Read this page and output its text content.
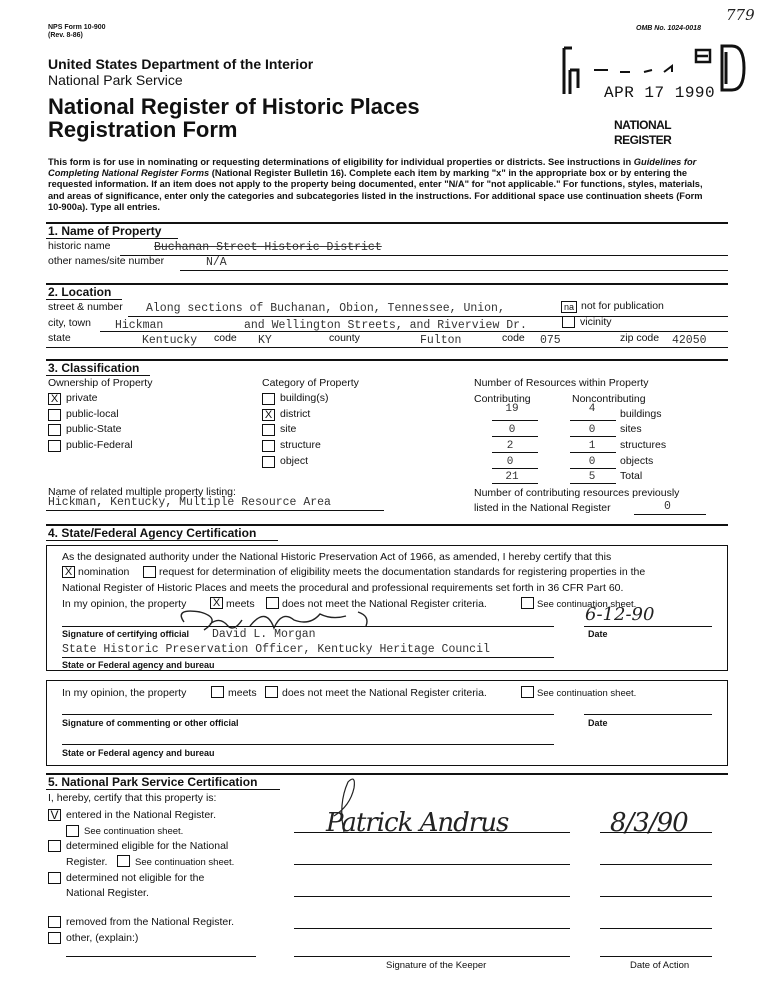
NPS Form 10-900
(Rev. 8-86)
OMB No. 1024-0018
779
United States Department of the Interior
National Park Service
National Register of Historic Places
Registration Form
APR 17 1990
NATIONAL
REGISTER
This form is for use in nominating or requesting determinations of eligibility for individual properties or districts. See instructions in Guidelines for Completing National Register Forms (National Register Bulletin 16). Complete each item by marking "x" in the appropriate box or by entering the requested information. If an item does not apply to the property being documented, enter "N/A" for "not applicable." For functions, styles, materials, and areas of significance, enter only the categories and subcategories listed in the instructions. For additional space use continuation sheets (Form 10-900a). Type all entries.
1. Name of Property
historic name	Buchanan Street Historic District
other names/site number	N/A
2. Location
street & number Along sections of Buchanan, Obion, Tennessee, Union,	na not for publication
city, town Hickman	and Wellington Streets, and Riverview Dr.	vicinity
state	Kentucky code KY	county	Fulton	code 075	zip code 42050
3. Classification
Ownership of Property
X private
public-local
public-State
public-Federal
Category of Property
building(s)
X district
site
structure
object
Number of Resources within Property
Contributing	Noncontributing
19	4	buildings
0	0	sites
2	1	structures
0	0	objects
21	5	Total
Name of related multiple property listing:
Hickman, Kentucky, Multiple Resource Area
Number of contributing resources previously
listed in the National Register	0
4. State/Federal Agency Certification
As the designated authority under the National Historic Preservation Act of 1966, as amended, I hereby certify that this
X nomination	request for determination of eligibility meets the documentation standards for registering properties in the
National Register of Historic Places and meets the procedural and professional requirements set forth in 36 CFR Part 60.
In my opinion, the property X meets	does not meet the National Register criteria.	See continuation sheet.
6-12-90
Signature of certifying official David L. Morgan	Date
State Historic Preservation Officer, Kentucky Heritage Council
State or Federal agency and bureau
In my opinion, the property	meets does not meet the National Register criteria.	See continuation sheet.
Signature of commenting or other official	Date
State or Federal agency and bureau
5. National Park Service Certification
I, hereby, certify that this property is:
V entered in the National Register.
See continuation sheet.
determined eligible for the National
Register.	See continuation sheet.
determined not eligible for the
National Register.
removed from the National Register.
other, (explain:)
Patrick Andrus	8/3/90
Signature of the Keeper	Date of Action
